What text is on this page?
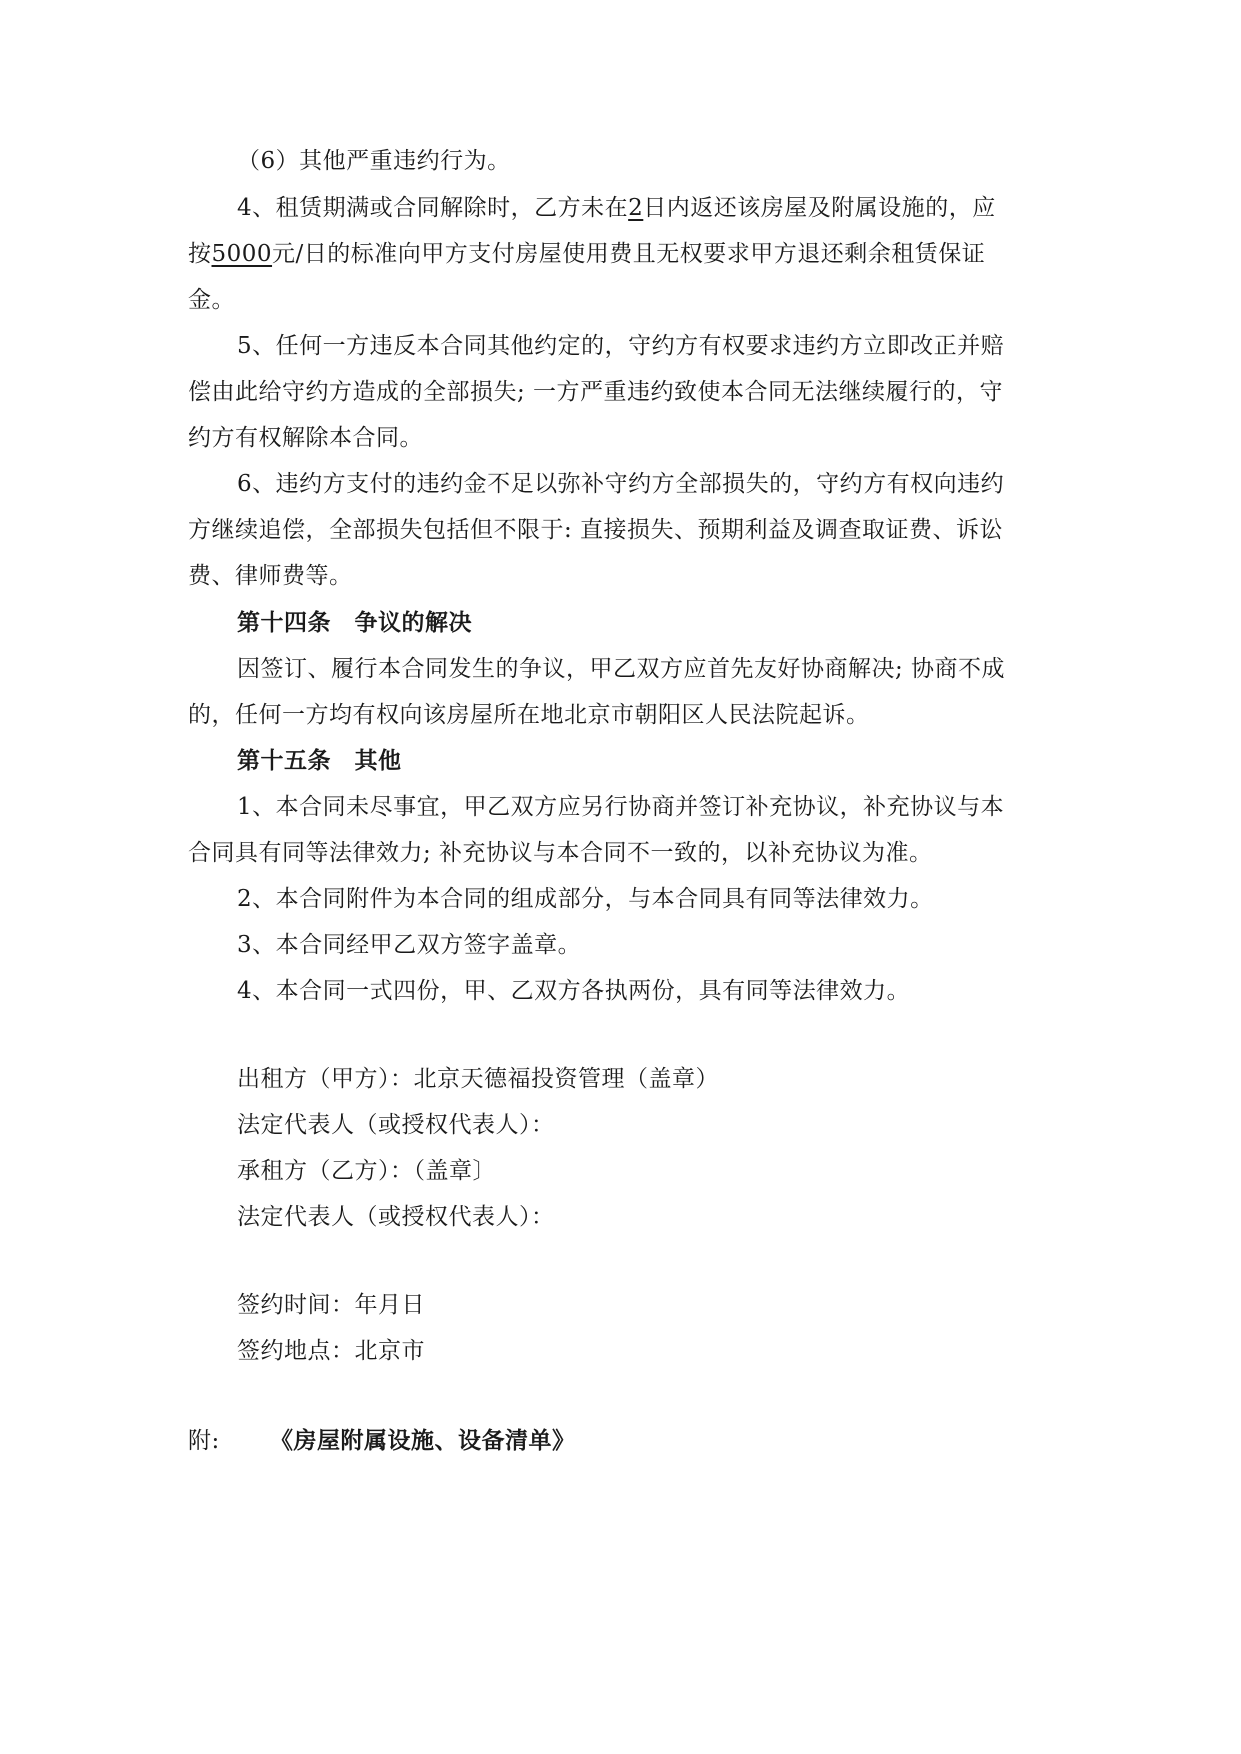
（6）其他严重违约行为。
4、租赁期满或合同解除时，乙方未在2日内返还该房屋及附属设施的，应
按5000元/日的标准向甲方支付房屋使用费且无权要求甲方退还剩余租赁保证
金。
5、任何一方违反本合同其他约定的，守约方有权要求违约方立即改正并赔
偿由此给守约方造成的全部损失; 一方严重违约致使本合同无法继续履行的，守
约方有权解除本合同。
6、违约方支付的违约金不足以弥补守约方全部损失的，守约方有权向违约
方继续追偿，全部损失包括但不限于: 直接损失、预期利益及调查取证费、诉讼
费、律师费等。
第十四条　争议的解决
因签订、履行本合同发生的争议，甲乙双方应首先友好协商解决; 协商不成
的，任何一方均有权向该房屋所在地北京市朝阳区人民法院起诉。
第十五条　其他
1、本合同未尽事宜，甲乙双方应另行协商并签订补充协议，补充协议与本
合同具有同等法律效力; 补充协议与本合同不一致的，以补充协议为准。
2、本合同附件为本合同的组成部分，与本合同具有同等法律效力。
3、本合同经甲乙双方签字盖章。
4、本合同一式四份，甲、乙双方各执两份，具有同等法律效力。
出租方（甲方）：北京天德福投资管理（盖章）
法定代表人（或授权代表人）：
承租方（乙方）：（盖章〕
法定代表人（或授权代表人）：
签约时间：年月日
签约地点：北京市
附: 《房屋附属设施、设备清单》
